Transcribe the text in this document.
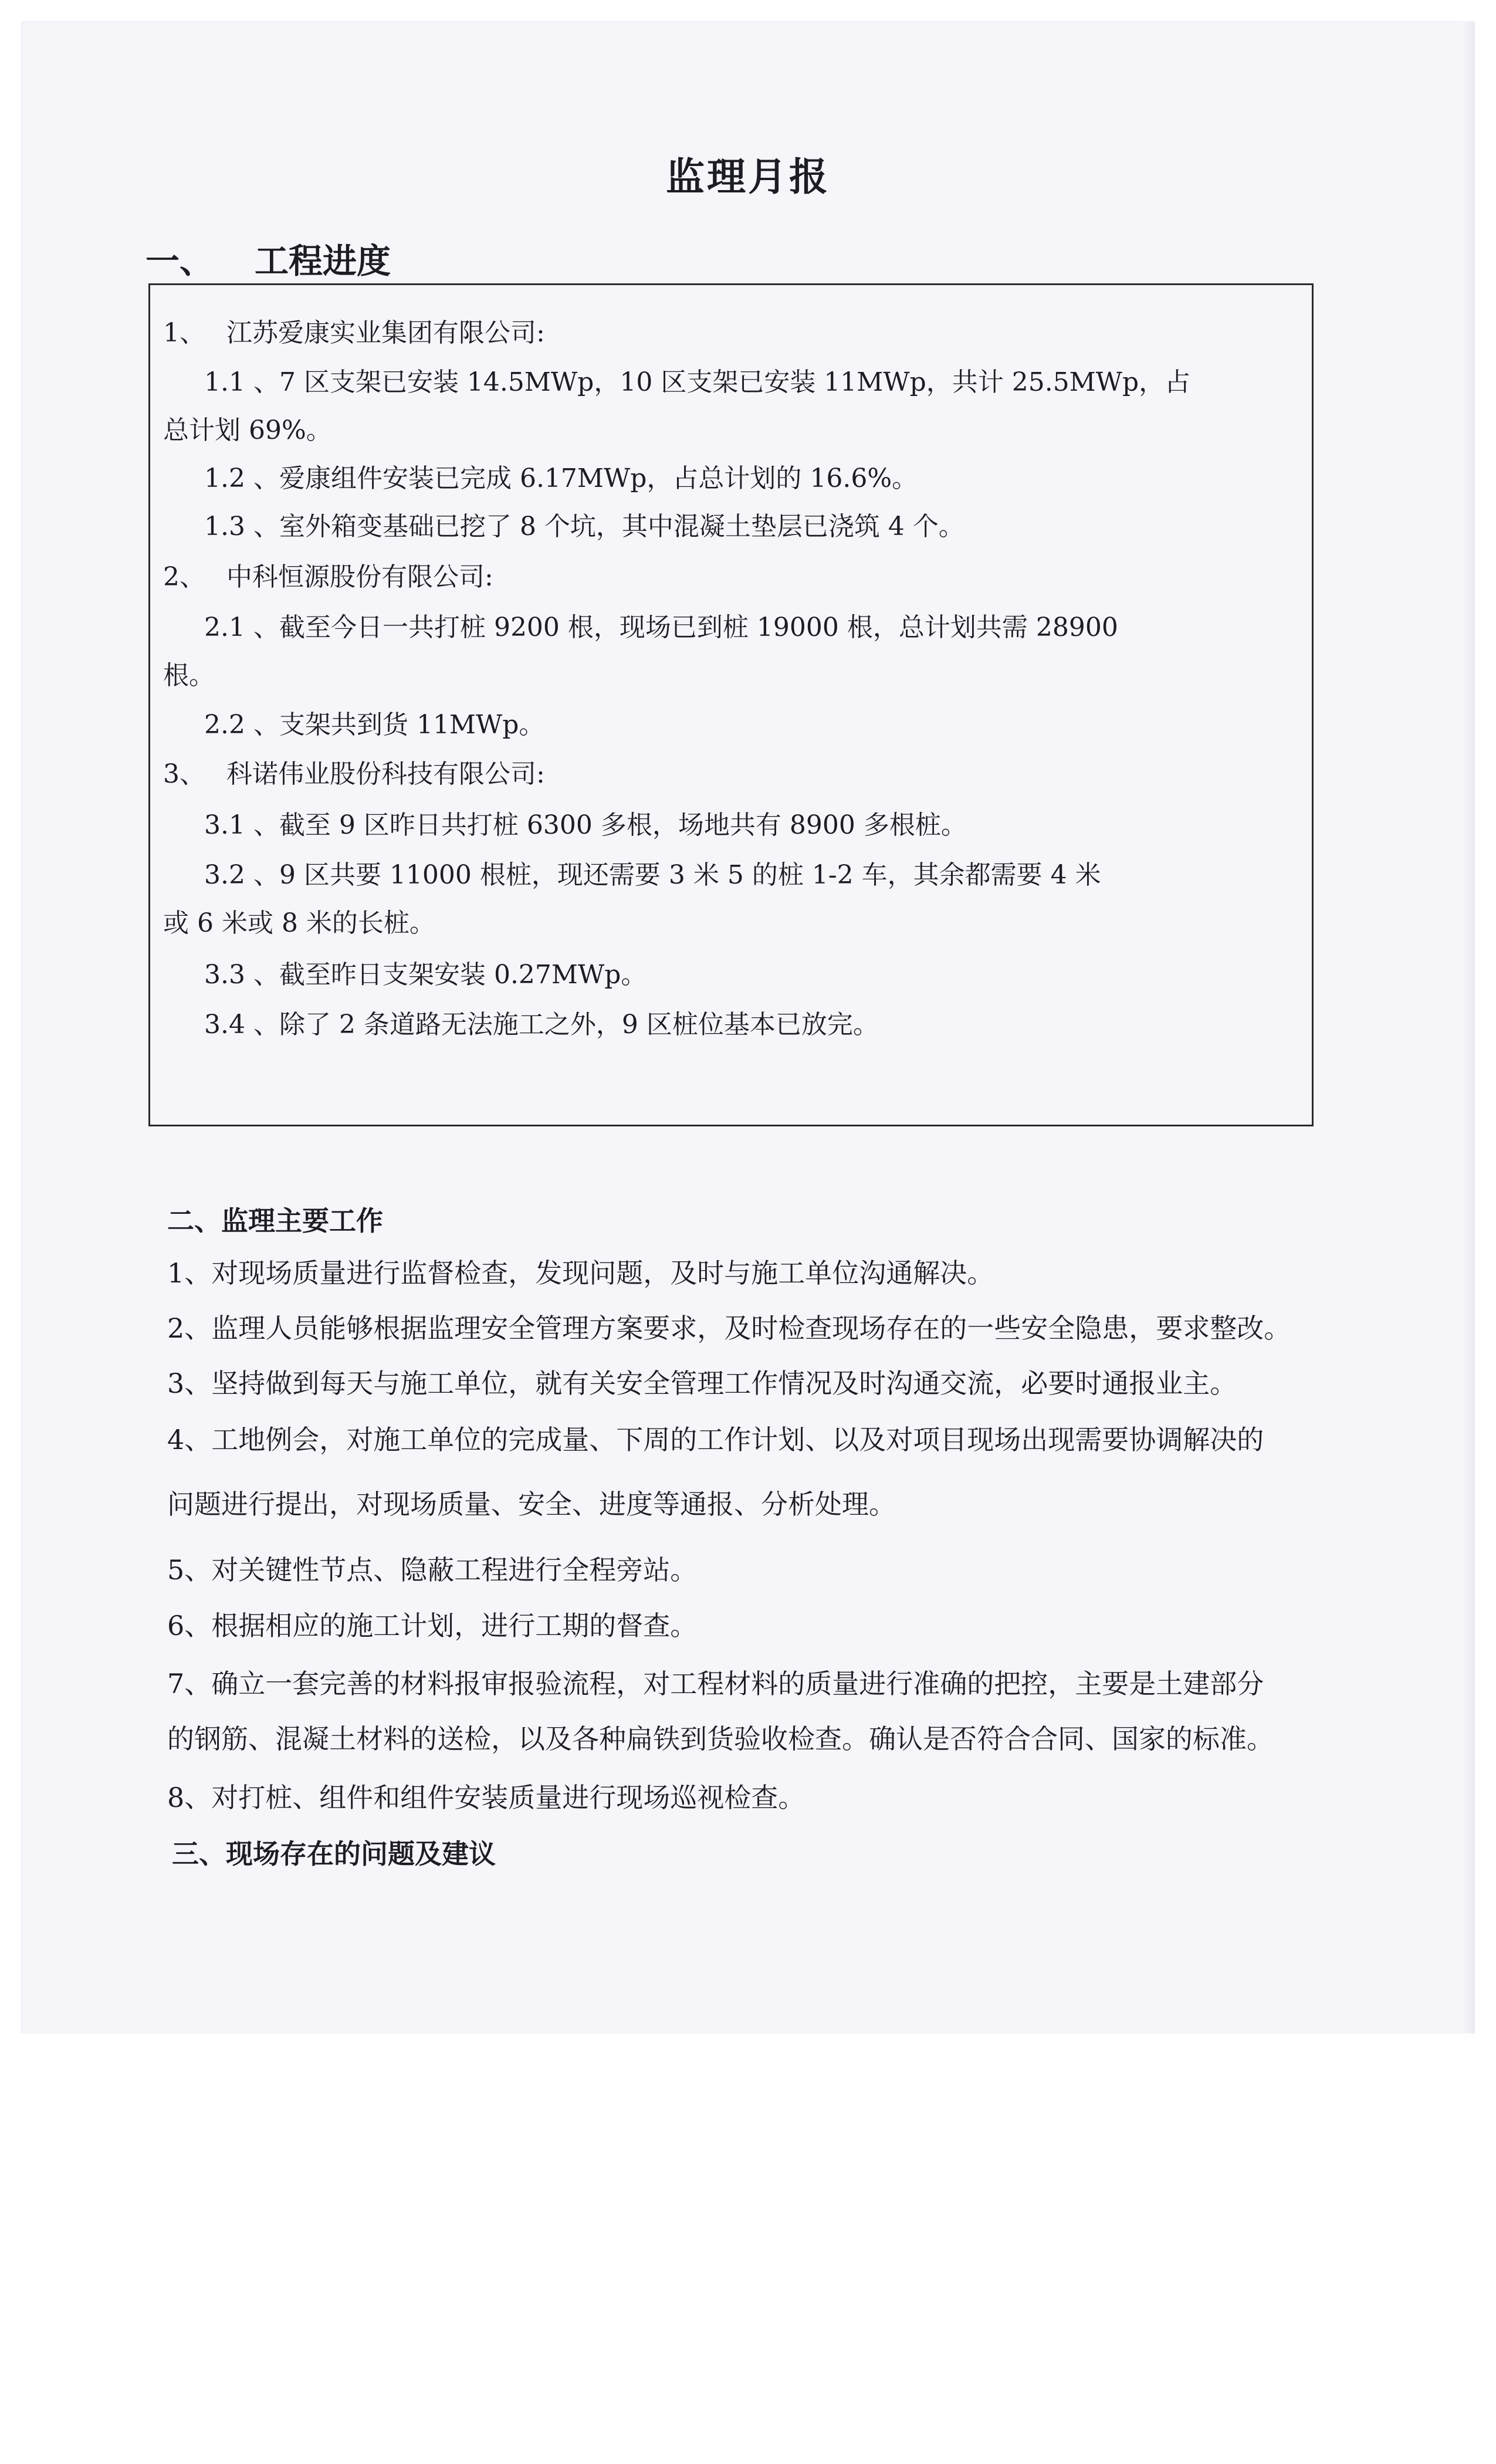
监理月报
一、 工程进度
1、 江苏爱康实业集团有限公司:
1.1 、7 区支架已安装 14.5MWp，10 区支架已安装 11MWp，共计 25.5MWp，占
总计划 69%。
1.2 、爱康组件安装已完成 6.17MWp，占总计划的 16.6%。
1.3 、室外箱变基础已挖了 8 个坑，其中混凝土垫层已浇筑 4 个。
2、 中科恒源股份有限公司:
2.1 、截至今日一共打桩 9200 根，现场已到桩 19000 根，总计划共需 28900
根。
2.2 、支架共到货 11MWp。
3、 科诺伟业股份科技有限公司:
3.1 、截至 9 区昨日共打桩 6300 多根，场地共有 8900 多根桩。
3.2 、9 区共要 11000 根桩，现还需要 3 米 5 的桩 1-2 车，其余都需要 4 米
或 6 米或 8 米的长桩。
3.3 、截至昨日支架安装 0.27MWp。
3.4 、除了 2 条道路无法施工之外，9 区桩位基本已放完。
二、监理主要工作
1、对现场质量进行监督检查，发现问题，及时与施工单位沟通解决。
2、监理人员能够根据监理安全管理方案要求，及时检查现场存在的一些安全隐患，要求整改。
3、坚持做到每天与施工单位，就有关安全管理工作情况及时沟通交流，必要时通报业主。
4、工地例会，对施工单位的完成量、下周的工作计划、以及对项目现场出现需要协调解决的
问题进行提出，对现场质量、安全、进度等通报、分析处理。
5、对关键性节点、隐蔽工程进行全程旁站。
6、根据相应的施工计划，进行工期的督查。
7、确立一套完善的材料报审报验流程，对工程材料的质量进行准确的把控，主要是土建部分
的钢筋、混凝土材料的送检，以及各种扁铁到货验收检查。确认是否符合合同、国家的标准。
8、对打桩、组件和组件安装质量进行现场巡视检查。
三、现场存在的问题及建议
